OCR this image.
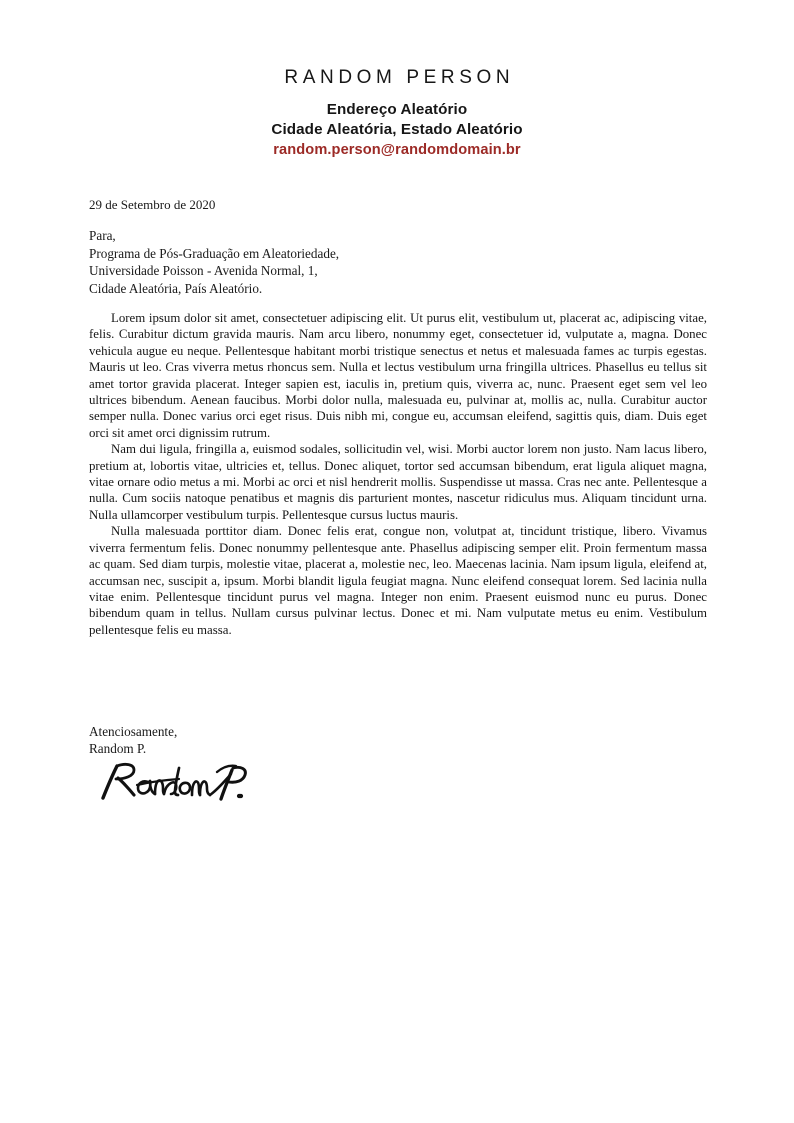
RANDOM PERSON
Endereço Aleatório
Cidade Aleatória, Estado Aleatório
random.person@randomdomain.br
29 de Setembro de 2020
Para,
Programa de Pós-Graduação em Aleatoriedade,
Universidade Poisson - Avenida Normal, 1,
Cidade Aleatória, País Aleatório.

Lorem ipsum dolor sit amet, consectetuer adipiscing elit. Ut purus elit, vestibulum ut, placerat ac, adipiscing vitae, felis. Curabitur dictum gravida mauris. Nam arcu libero, nonummy eget, consectetuer id, vulputate a, magna. Donec vehicula augue eu neque. Pellentesque habitant morbi tristique senectus et netus et malesuada fames ac turpis egestas. Mauris ut leo. Cras viverra metus rhoncus sem. Nulla et lectus vestibulum urna fringilla ultrices. Phasellus eu tellus sit amet tortor gravida placerat. Integer sapien est, iaculis in, pretium quis, viverra ac, nunc. Praesent eget sem vel leo ultrices bibendum. Aenean faucibus. Morbi dolor nulla, malesuada eu, pulvinar at, mollis ac, nulla. Curabitur auctor semper nulla. Donec varius orci eget risus. Duis nibh mi, congue eu, accumsan eleifend, sagittis quis, diam. Duis eget orci sit amet orci dignissim rutrum.

Nam dui ligula, fringilla a, euismod sodales, sollicitudin vel, wisi. Morbi auctor lorem non justo. Nam lacus libero, pretium at, lobortis vitae, ultricies et, tellus. Donec aliquet, tortor sed accumsan bibendum, erat ligula aliquet magna, vitae ornare odio metus a mi. Morbi ac orci et nisl hendrerit mollis. Suspendisse ut massa. Cras nec ante. Pellentesque a nulla. Cum sociis natoque penatibus et magnis dis parturient montes, nascetur ridiculus mus. Aliquam tincidunt urna. Nulla ullamcorper vestibulum turpis. Pellentesque cursus luctus mauris.

Nulla malesuada porttitor diam. Donec felis erat, congue non, volutpat at, tincidunt tristique, libero. Vivamus viverra fermentum felis. Donec nonummy pellentesque ante. Phasellus adipiscing semper elit. Proin fermentum massa ac quam. Sed diam turpis, molestie vitae, placerat a, molestie nec, leo. Maecenas lacinia. Nam ipsum ligula, eleifend at, accumsan nec, suscipit a, ipsum. Morbi blandit ligula feugiat magna. Nunc eleifend consequat lorem. Sed lacinia nulla vitae enim. Pellentesque tincidunt purus vel magna. Integer non enim. Praesent euismod nunc eu purus. Donec bibendum quam in tellus. Nullam cursus pulvinar lectus. Donec et mi. Nam vulputate metus eu enim. Vestibulum pellentesque felis eu massa.

Atenciosamente,
Random P.
